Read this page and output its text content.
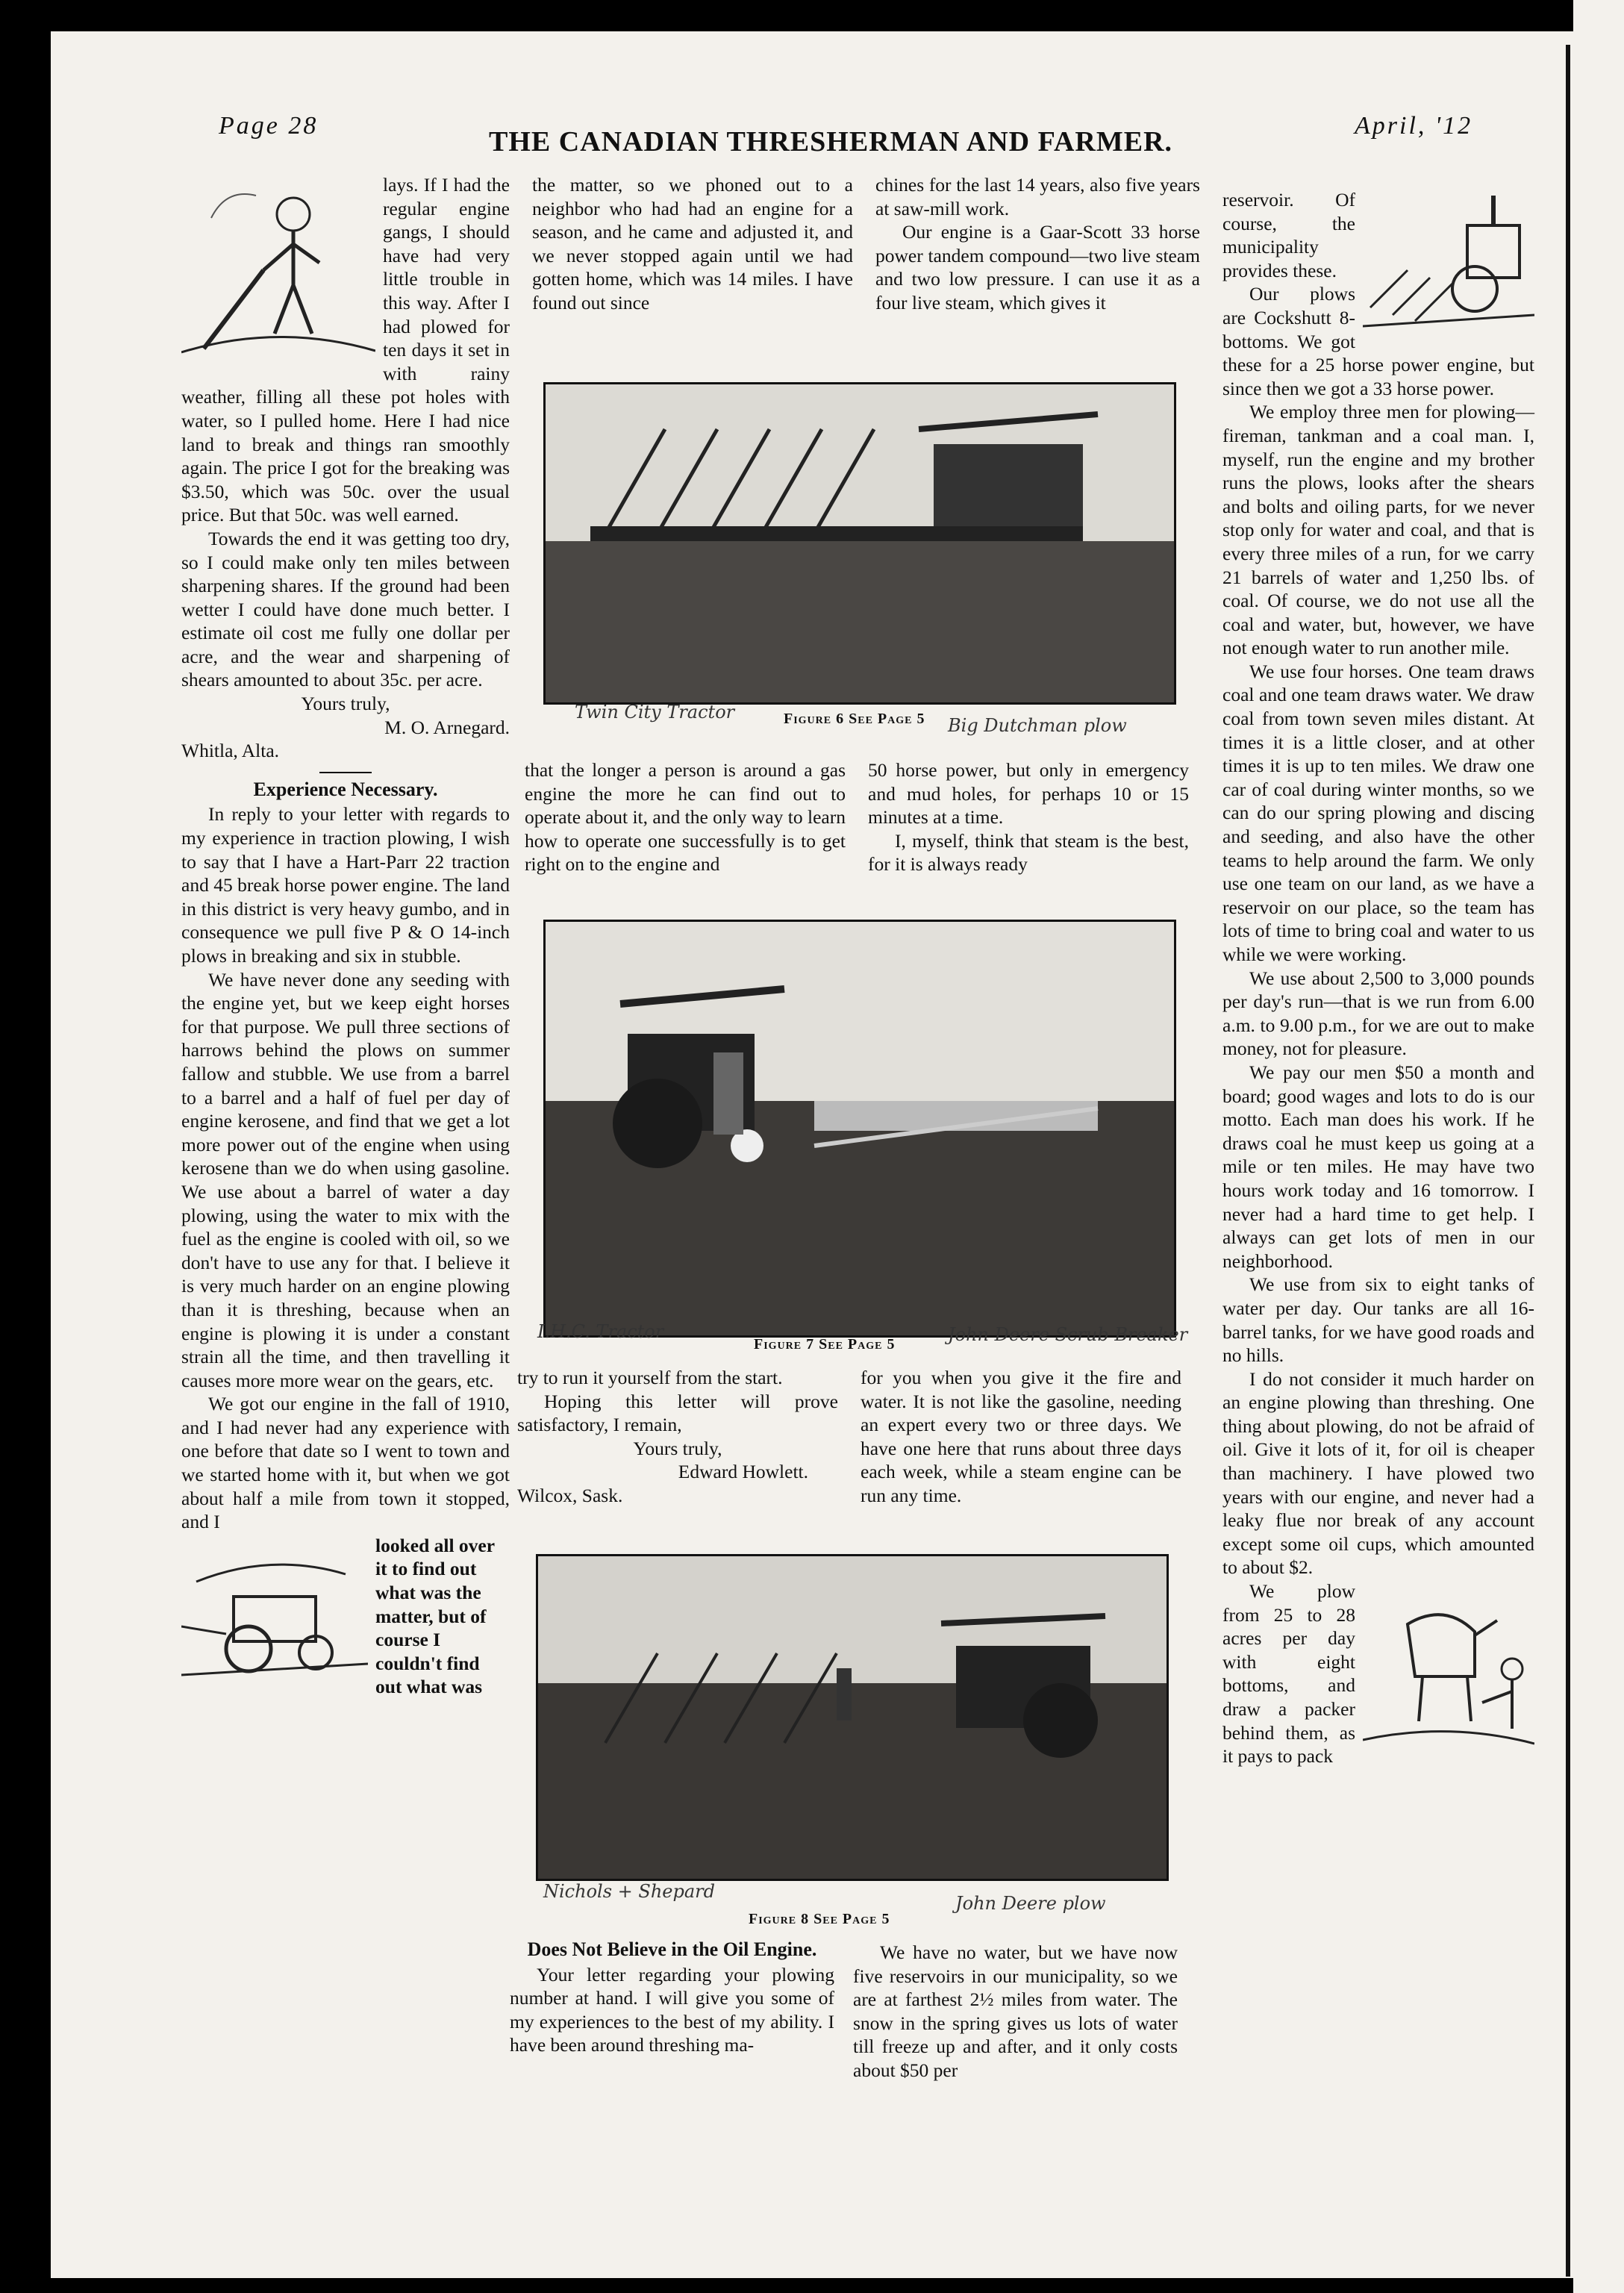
Page 28
THE CANADIAN THRESHERMAN AND FARMER.
April, '12

lays. If I had the regular engine gangs, I should have had very little trouble in this way. After I had plowed for ten days it set in with rainy weather, filling all these pot holes with water, so I pulled home. Here I had nice land to break and things ran smoothly again. The price I got for the breaking was $3.50, which was 50c. over the usual price. But that 50c. was well earned.

Towards the end it was getting too dry, so I could make only ten miles between sharpening shares. If the ground had been wetter I could have done much better. I estimate oil cost me fully one dollar per acre, and the wear and sharpening of shears amounted to about 35c. per acre.

Yours truly,

M. O. Arnegard.

Whitla, Alta.

Experience Necessary.

In reply to your letter with regards to my experience in traction plowing, I wish to say that I have a Hart-Parr 22 traction and 45 break horse power engine. The land in this district is very heavy gumbo, and in consequence we pull five P & O 14-inch plows in breaking and six in stubble.

We have never done any seeding with the engine yet, but we keep eight horses for that purpose. We pull three sections of harrows behind the plows on summer fallow and stubble. We use from a barrel to a barrel and a half of fuel per day of engine kerosene, and find that we get a lot more power out of the engine when using kerosene than we do when using gasoline. We use about a barrel of water a day plowing, using the water to mix with the fuel as the engine is cooled with oil, so we don't have to use any for that. I believe it is very much harder on an engine plowing than it is threshing, because when an engine is plowing it is under a constant strain all the time, and then travelling it causes more more wear on the gears, etc.

We got our engine in the fall of 1910, and I had never had any experience with one before that date so I went to town and we started home with it, but when we got about half a mile from town it stopped, and I

looked all over it to find out what was the matter, but of course I couldn't find out what was

the matter, so we phoned out to a neighbor who had had an engine for a season, and he came and adjusted it, and we never stopped again until we had gotten home, which was 14 miles. I have found out since

chines for the last 14 years, also five years at saw-mill work.

Our engine is a Gaar-Scott 33 horse power tandem compound—two live steam and two low pressure. I can use it as a four live steam, which gives it

Twin City Tractor	Figure 6 See Page 5 Big Dutchman plow

that the longer a person is around a gas engine the more he can find out to operate about it, and the only way to learn how to operate one successfully is to get right on to the engine and

50 horse power, but only in emergency and mud holes, for perhaps 10 or 15 minutes at a time.

I, myself, think that steam is the best, for it is always ready

I.H.C. Tractor
Figure 7 See Page 5	John Deere Scrub Breaker

try to run it yourself from the start.

Hoping this letter will prove satisfactory, I remain,

Yours truly,

Edward Howlett.

Wilcox, Sask.

for you when you give it the fire and water. It is not like the gasoline, needing an expert every two or three days. We have one here that runs about three days each week, while a steam engine can be run any time.

Nichols + Shepard
Figure 8 See Page 5
John Deere plow
Does Not Believe in the Oil Engine.

Your letter regarding your plowing number at hand. I will give you some of my experiences to the best of my ability. I have been around threshing ma-

We have no water, but we have now five reservoirs in our municipality, so we are at farthest 2½ miles from water. The snow in the spring gives us lots of water till freeze up and after, and it only costs about $50 per

reservoir. Of course, the municipality provides these.

Our plows are Cockshutt 8-bottoms. We got these for a 25 horse power engine, but since then we got a 33 horse power.

We employ three men for plowing—fireman, tankman and a coal man. I, myself, run the engine and my brother runs the plows, looks after the shears and bolts and oiling parts, for we never stop only for water and coal, and that is every three miles of a run, for we carry 21 barrels of water and 1,250 lbs. of coal. Of course, we do not use all the coal and water, but, however, we have not enough water to run another mile.

We use four horses. One team draws coal and one team draws water. We draw coal from town seven miles distant. At times it is a little closer, and at other times it is up to ten miles. We draw one car of coal during winter months, so we can do our spring plowing and discing and seeding, and also have the other teams to help around the farm. We only use one team on our land, as we have a reservoir on our place, so the team has lots of time to bring coal and water to us while we were working.

We use about 2,500 to 3,000 pounds per day's run—that is we run from 6.00 a.m. to 9.00 p.m., for we are out to make money, not for pleasure.

We pay our men $50 a month and board; good wages and lots to do is our motto. Each man does his work. If he draws coal he must keep us going at a mile or ten miles. He may have two hours work today and 16 tomorrow. I never had a hard time to get help. I always can get lots of men in our neighborhood.

We use from six to eight tanks of water per day. Our tanks are all 16-barrel tanks, for we have good roads and no hills.

I do not consider it much harder on an engine plowing than threshing. One thing about plowing, do not be afraid of oil. Give it lots of it, for oil is cheaper than machinery. I have plowed two years with our engine, and never had a leaky flue nor break of any account except some oil cups, which amounted to about $2.

We plow from 25 to 28 acres per day with eight bottoms, and draw a packer behind them, as it pays to pack
